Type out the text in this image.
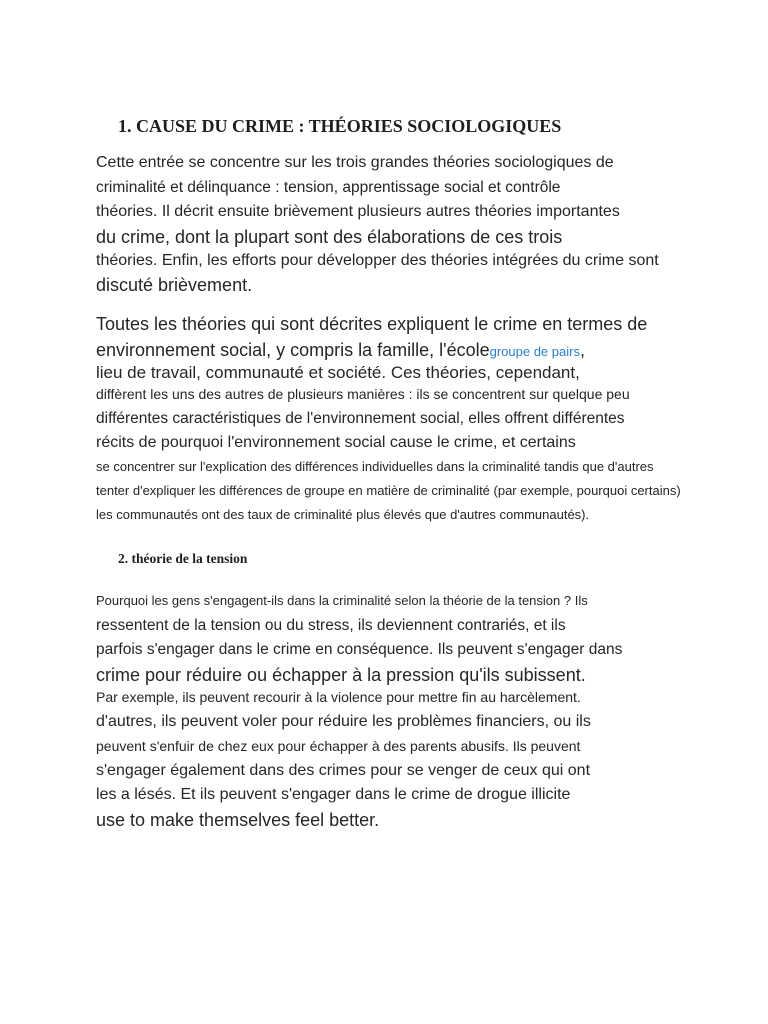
1. CAUSE DU CRIME : THÉORIES SOCIOLOGIQUES

Cette entrée se concentre sur les trois grandes théories sociologiques de

criminalité et délinquance : tension, apprentissage social et contrôle

théories. Il décrit ensuite brièvement plusieurs autres théories importantes

du crime, dont la plupart sont des élaborations de ces trois

théories. Enfin, les efforts pour développer des théories intégrées du crime sont

discuté brièvement.

Toutes les théories qui sont décrites expliquent le crime en termes de

environnement social, y compris la famille, l'écolegroupe de pairs,

lieu de travail, communauté et société. Ces théories, cependant,

diffèrent les uns des autres de plusieurs manières : ils se concentrent sur quelque peu

différentes caractéristiques de l'environnement social, elles offrent différentes

récits de pourquoi l'environnement social cause le crime, et certains

se concentrer sur l'explication des différences individuelles dans la criminalité tandis que d'autres

tenter d'expliquer les différences de groupe en matière de criminalité (par exemple, pourquoi certains)

les communautés ont des taux de criminalité plus élevés que d'autres communautés).

2. théorie de la tension

Pourquoi les gens s'engagent-ils dans la criminalité selon la théorie de la tension ? Ils

ressentent de la tension ou du stress, ils deviennent contrariés, et ils

parfois s'engager dans le crime en conséquence. Ils peuvent s'engager dans

crime pour réduire ou échapper à la pression qu'ils subissent.

Par exemple, ils peuvent recourir à la violence pour mettre fin au harcèlement.

d'autres, ils peuvent voler pour réduire les problèmes financiers, ou ils

peuvent s'enfuir de chez eux pour échapper à des parents abusifs. Ils peuvent

s'engager également dans des crimes pour se venger de ceux qui ont

les a lésés. Et ils peuvent s'engager dans le crime de drogue illicite

use to make themselves feel better.
